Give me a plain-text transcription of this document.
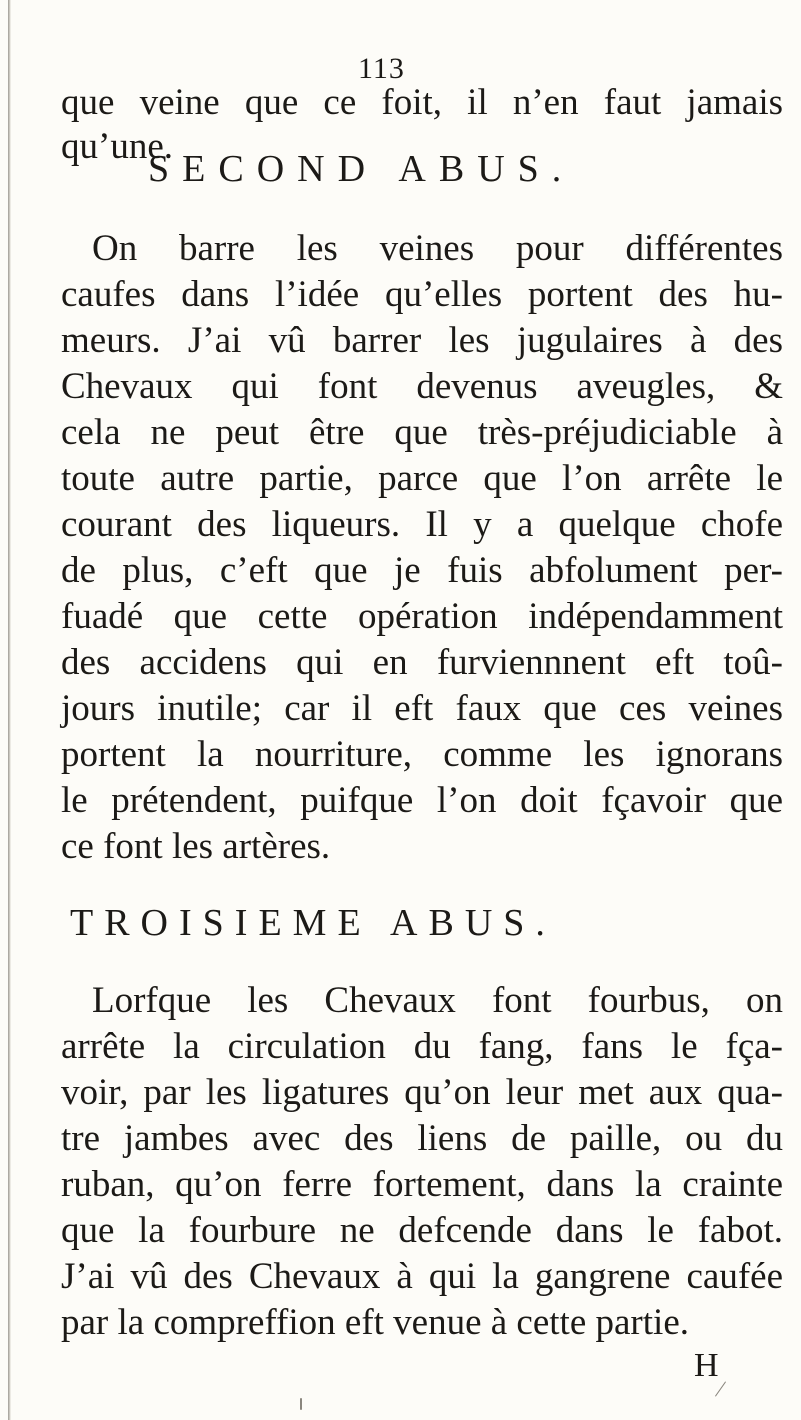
113
que veine que ce foit, il n’en faut jamais
qu’une.
SECOND ABUS.
On barre les veines pour différentes
caufes dans l’idée qu’elles portent des hu-
meurs. J’ai vû barrer les jugulaires à des
Chevaux qui font devenus aveugles, &
cela ne peut être que très-préjudiciable à
toute autre partie, parce que l’on arrête le
courant des liqueurs. Il y a quelque chofe
de plus, c’eft que je fuis abfolument per-
fuadé que cette opération indépendamment
des accidens qui en furviennnent eft toû-
jours inutile; car il eft faux que ces veines
portent la nourriture, comme les ignorans
le prétendent, puifque l’on doit fçavoir que
ce font les artères.
TROISIEME ABUS.
Lorfque les Chevaux font fourbus, on
arrête la circulation du fang, fans le fça-
voir, par les ligatures qu’on leur met aux qua-
tre jambes avec des liens de paille, ou du
ruban, qu’on ferre fortement, dans la crainte
que la fourbure ne defcende dans le fabot.
J’ai vû des Chevaux à qui la gangrene caufée
par la compreffion eft venue à cette partie.
H
